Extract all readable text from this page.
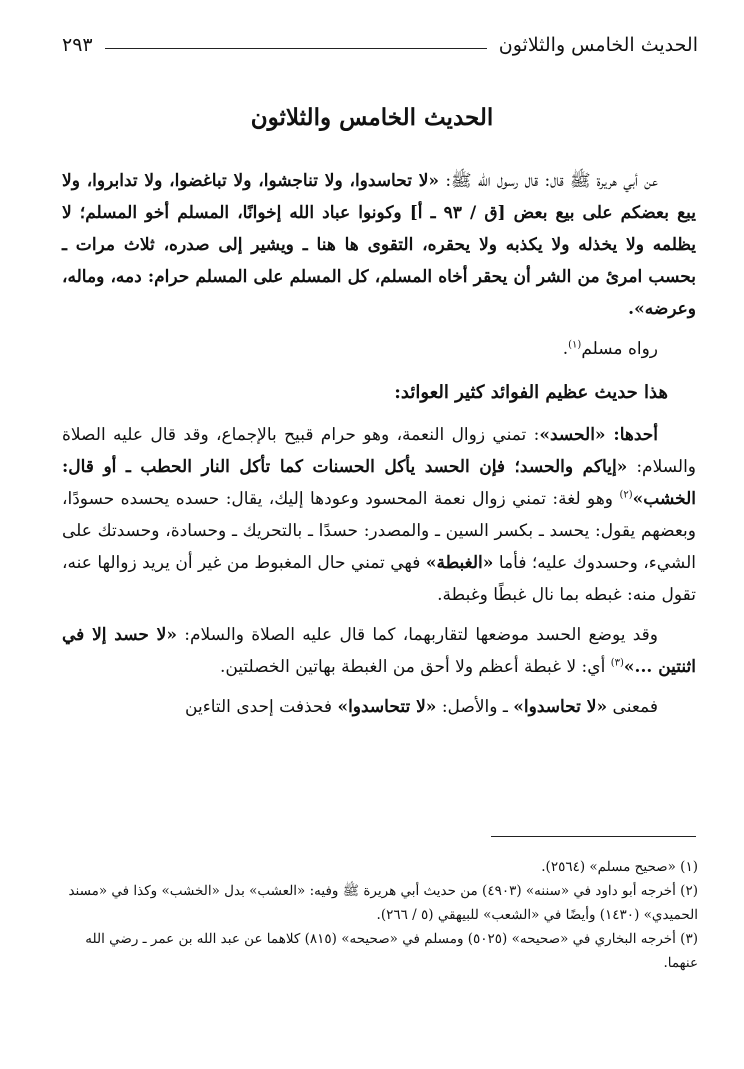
الحديث الخامس والثلاثون
٢٩٣
الحديث الخامس والثلاثون

عن أبي هريرة ﷺ قال: قال رسول الله ﷺ: «لا تحاسدوا، ولا تناجشوا، ولا تباغضوا، ولا تدابروا، ولا يبع بعضكم على بيع بعض [ق / ٩٣ ـ أ] وكونوا عباد الله إخوانًا، المسلم أخو المسلم؛ لا يظلمه ولا يخذله ولا يكذبه ولا يحقره، التقوى ها هنا ـ ويشير إلى صدره، ثلاث مرات ـ بحسب امرئ من الشر أن يحقر أخاه المسلم، كل المسلم على المسلم حرام: دمه، وماله، وعرضه».

رواه مسلم$^{(١)}$.

هذا حديث عظيم الفوائد كثير العوائد:

أحدها: «الحسد»: تمني زوال النعمة، وهو حرام قبيح بالإجماع، وقد قال عليه الصلاة والسلام: «إياكم والحسد؛ فإن الحسد يأكل الحسنات كما تأكل النار الحطب ـ أو قال: الخشب»$^{(٢)}$ وهو لغة: تمني زوال نعمة المحسود وعودها إليك، يقال: حسده يحسده حسودًا، وبعضهم يقول: يحسد ـ بكسر السين ـ والمصدر: حسدًا ـ بالتحريك ـ وحسادة، وحسدتك على الشيء، وحسدوك عليه؛ فأما «الغبطة» فهي تمني حال المغبوط من غير أن يريد زوالها عنه، تقول منه: غبطه بما نال غبطًا وغبطة.

وقد يوضع الحسد موضعها لتقاربهما، كما قال عليه الصلاة والسلام: «لا حسد إلا في اثنتين ...»$^{(٣)}$ أي: لا غبطة أعظم ولا أحق من الغبطة بهاتين الخصلتين.

فمعنى «لا تحاسدوا» ـ والأصل: «لا تتحاسدوا» فحذفت إحدى التاءين

(١) «صحيح مسلم» (٢٥٦٤).

(٢) أخرجه أبو داود في «سننه» (٤٩٠٣) من حديث أبي هريرة ﷺ وفيه: «العشب» بدل «الخشب» وكذا في «مسند الحميدي» (١٤٣٠) وأيضًا في «الشعب» للبيهقي (٥ / ٢٦٦).

(٣) أخرجه البخاري في «صحيحه» (٥٠٢٥) ومسلم في «صحيحه» (٨١٥) كلاهما عن عبد الله بن عمر ـ رضي الله عنهما.
